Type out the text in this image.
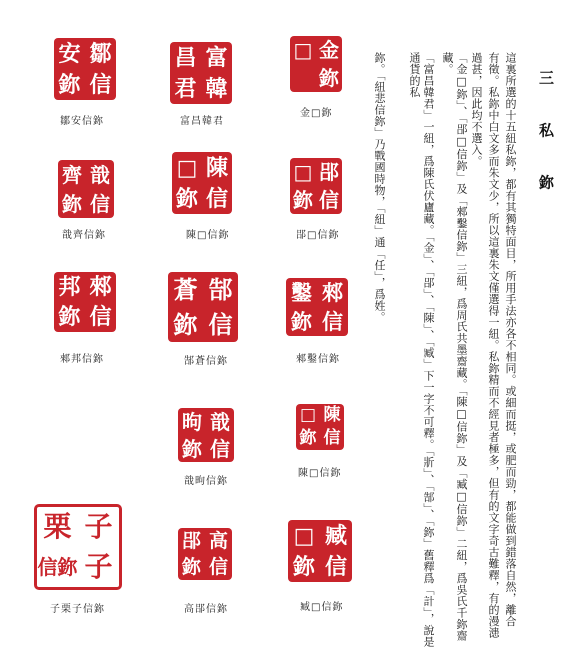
三 私 鉨
這裏所選的十五紐私鉨，都有其獨特面目，所用手法亦各不相同。或細而挺，或肥而勁，都能做到錯落自然，離合
有徵。私鉨中白文多而朱文少，所以這裏朱文僅選得一紐。私鉨精而不經見者極多，但有的文字奇古難釋，有的漫漶
過甚，因此均不選入。
「金□鉨」、「郘□信鉨」及「郲鑿信鉨」三紐，爲周氏共墨齋藏。「陳□信鉨」及「臧□信鉨」二紐，爲吳氏千鉨齋藏。
「富昌韓君」一紐，爲陳氏伏廬藏。「金」、「郘」、「陳」、「臧」下一字不可釋。「斨」、「郜」、「鉨」舊釋爲「計」，說是通貨的私
鉨。「紐悲信鉨」乃戰國時物，「紐」通「任」，爲姓。
安 鄒
鉨 信
鄒安信鉨
昌 富
君 韓
富昌韓君
□ 金
鉨
金□鉨
齊 戠
鉨 信
戠齊信鉨
□ 陳
鉨 信
陳□信鉨
□ 郘
鉨 信
郘□信鉨
邦 郲
鉨 信
郲邦信鉨
蒼 郜
鉨 信
郜蒼信鉨
鑿 郲
鉨 信
郲鑿信鉨
昫 戠
鉨 信
戠昫信鉨
□ 陳
鉨 信
陳□信鉨
栗 子
信鉨 子
子栗子信鉨
郘 高
鉨 信
高郘信鉨
□ 臧
鉨 信
臧□信鉨
